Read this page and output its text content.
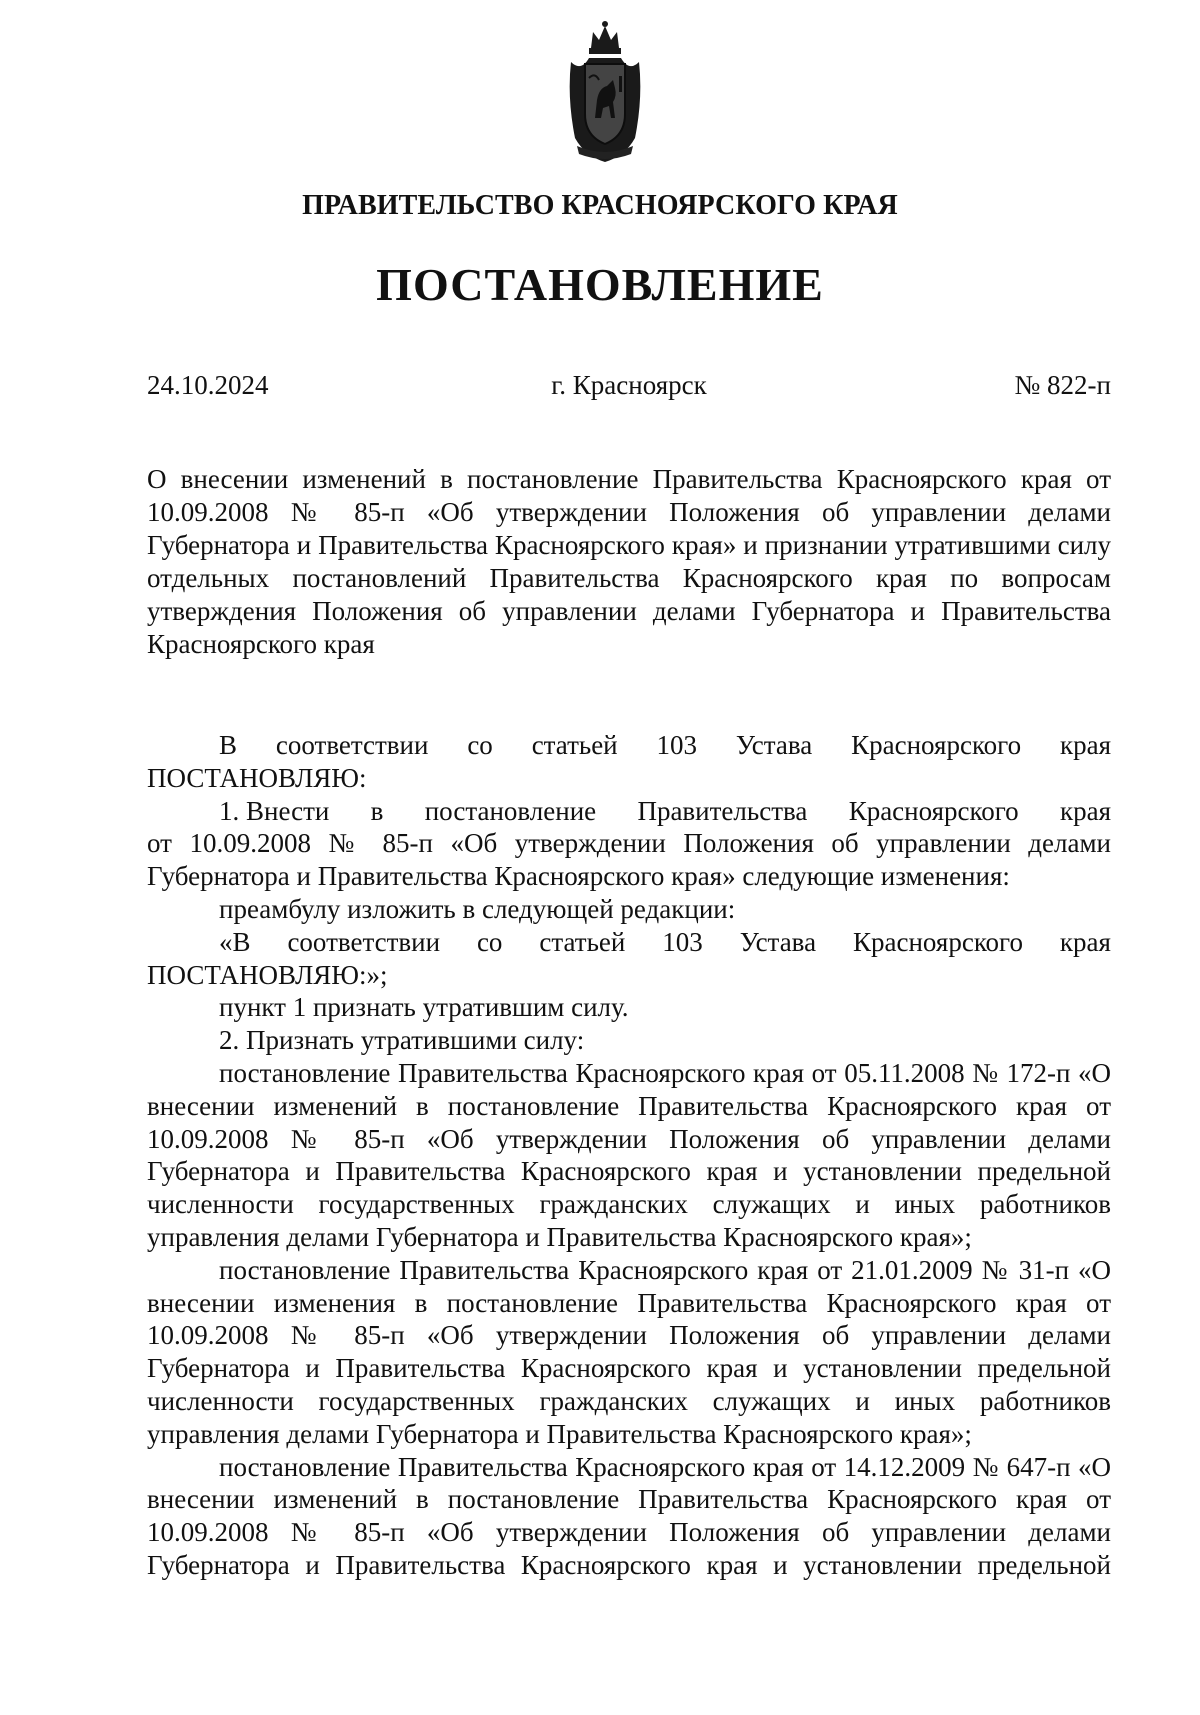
ПРАВИТЕЛЬСТВО КРАСНОЯРСКОГО КРАЯ
ПОСТАНОВЛЕНИЕ
24.10.2024	г. Красноярск	№ 822-п
О внесении изменений в постановление Правительства Красноярского края от 10.09.2008 № 85-п «Об утверждении Положения об управлении делами Губернатора и Правительства Красноярского края» и признании утратившими силу отдельных постановлений Правительства Красноярского края по вопросам утверждения Положения об управлении делами Губернатора и Правительства Красноярского края

В соответствии со статьей 103 Устава Красноярского края

ПОСТАНОВЛЯЮ:

1. Внести в постановление Правительства Красноярского края

от 10.09.2008 № 85-п «Об утверждении Положения об управлении делами Губернатора и Правительства Красноярского края» следующие изменения:

преамбулу изложить в следующей редакции:

«В соответствии со статьей 103 Устава Красноярского края

ПОСТАНОВЛЯЮ:»;

пункт 1 признать утратившим силу.

2. Признать утратившими силу:

постановление Правительства Красноярского края от 05.11.2008 № 172-п «О внесении изменений в постановление Правительства Красноярского края от 10.09.2008 № 85-п «Об утверждении Положения об управлении делами Губернатора и Правительства Красноярского края и установлении предельной численности государственных гражданских служащих и иных работников управления делами Губернатора и Правительства Красноярского края»;

постановление Правительства Красноярского края от 21.01.2009 № 31-п «О внесении изменения в постановление Правительства Красноярского края от 10.09.2008 № 85-п «Об утверждении Положения об управлении делами Губернатора и Правительства Красноярского края и установлении предельной численности государственных гражданских служащих и иных работников управления делами Губернатора и Правительства Красноярского края»;

постановление Правительства Красноярского края от 14.12.2009 № 647-п «О внесении изменений в постановление Правительства Красноярского края от 10.09.2008 № 85-п «Об утверждении Положения об управлении делами Губернатора и Правительства Красноярского края и установлении предельной
